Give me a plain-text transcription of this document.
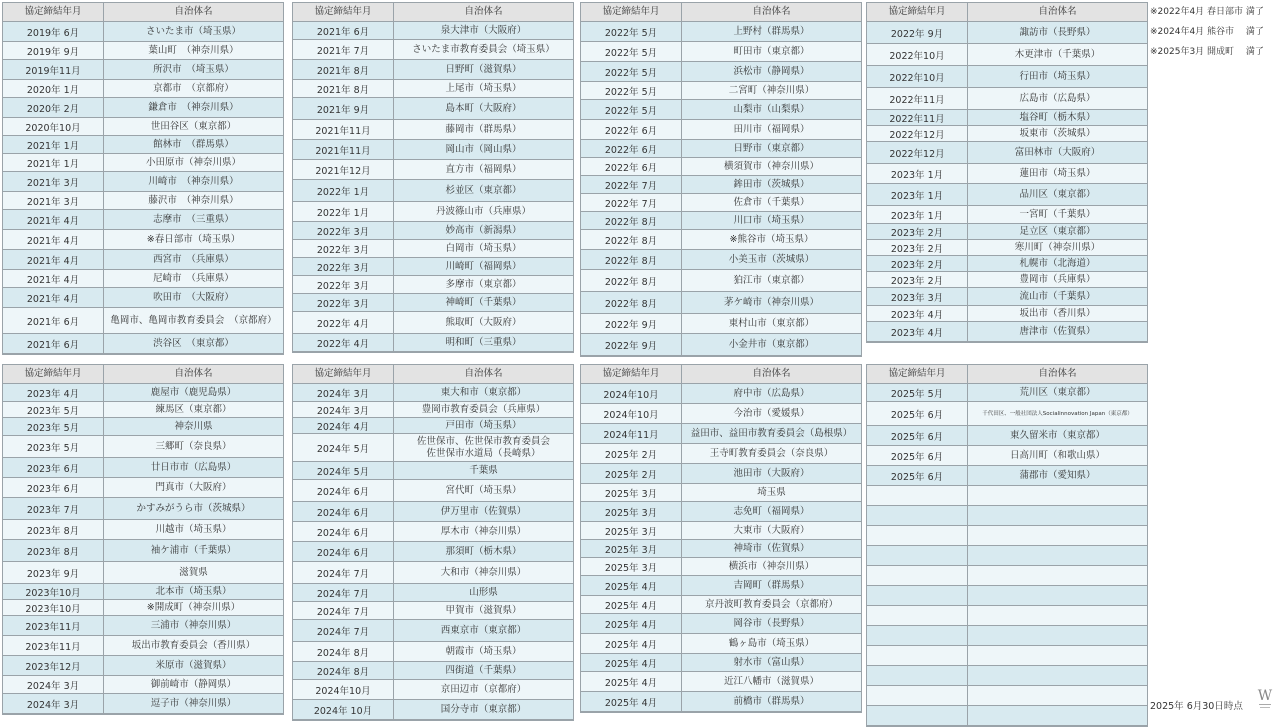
協定締結年月	自治体名
2019年 6月	さいたま市（埼玉県）
2019年 9月	葉山町　（神奈川県）
2019年11月	所沢市　（埼玉県）
2020年 1月	京都市　（京都府）
2020年 2月	鎌倉市　（神奈川県）
2020年10月	世田谷区（東京都）
2021年 1月	館林市　（群馬県）
2021年 1月	小田原市（神奈川県）
2021年 3月	川崎市　（神奈川県）
2021年 3月	藤沢市　（神奈川県）
2021年 4月	志摩市　（三重県）
2021年 4月	※春日部市（埼玉県）
2021年 4月	西宮市　（兵庫県）
2021年 4月	尼崎市　（兵庫県）
2021年 4月	吹田市　（大阪府）
2021年 6月	亀岡市、亀岡市教育委員会　（京都府）
2021年 6月	渋谷区　（東京都）
協定締結年月	自治体名
2021年 6月	泉大津市（大阪府）
2021年 7月	さいたま市教育委員会（埼玉県）
2021年 8月	日野町（滋賀県）
2021年 8月	上尾市（埼玉県）
2021年 9月	島本町（大阪府）
2021年11月	藤岡市（群馬県）
2021年11月	岡山市（岡山県）
2021年12月	直方市（福岡県）
2022年 1月	杉並区（東京都）
2022年 1月	丹波篠山市（兵庫県）
2022年 3月	妙高市（新潟県）
2022年 3月	白岡市（埼玉県）
2022年 3月	川崎町（福岡県）
2022年 3月	多摩市（東京都）
2022年 3月	神崎町（千葉県）
2022年 4月	熊取町（大阪府）
2022年 4月	明和町（三重県）
協定締結年月	自治体名
2022年 5月	上野村（群馬県）
2022年 5月	町田市（東京都）
2022年 5月	浜松市（静岡県）
2022年 5月	二宮町（神奈川県）
2022年 5月	山梨市（山梨県）
2022年 6月	田川市（福岡県）
2022年 6月	日野市（東京都）
2022年 6月	横須賀市（神奈川県）
2022年 7月	鉾田市（茨城県）
2022年 7月	佐倉市（千葉県）
2022年 8月	川口市（埼玉県）
2022年 8月	※熊谷市（埼玉県）
2022年 8月	小美玉市（茨城県）
2022年 8月	狛江市（東京都）
2022年 8月	茅ケ崎市（神奈川県）
2022年 9月	東村山市（東京都）
2022年 9月	小金井市（東京都）
協定締結年月	自治体名
2022年 9月	諏訪市（長野県）
2022年10月	木更津市（千葉県）
2022年10月	行田市（埼玉県）
2022年11月	広島市（広島県）
2022年11月	塩谷町（栃木県）
2022年12月	坂東市（茨城県）
2022年12月	富田林市（大阪府）
2023年 1月	蓮田市（埼玉県）
2023年 1月	品川区（東京都）
2023年 1月	一宮町（千葉県）
2023年 2月	足立区（東京都）
2023年 2月	寒川町（神奈川県）
2023年 2月	札幌市（北海道）
2023年 2月	豊岡市（兵庫県）
2023年 3月	流山市（千葉県）
2023年 4月	坂出市（香川県）
2023年 4月	唐津市（佐賀県）
協定締結年月	自治体名
2023年 4月	鹿屋市（鹿児島県）
2023年 5月	練馬区（東京都）
2023年 5月	神奈川県
2023年 5月	三郷町（奈良県）
2023年 6月	廿日市市（広島県）
2023年 6月	門真市（大阪府）
2023年 7月	かすみがうら市（茨城県）
2023年 8月	川越市（埼玉県）
2023年 8月	袖ケ浦市（千葉県）
2023年 9月	滋賀県
2023年10月	北本市（埼玉県）
2023年10月	※開成町（神奈川県）
2023年11月	三浦市（神奈川県）
2023年11月	坂出市教育委員会（香川県）
2023年12月	米原市（滋賀県）
2024年 3月	御前崎市（静岡県）
2024年 3月	逗子市（神奈川県）
協定締結年月	自治体名
2024年 3月	東大和市（東京都）
2024年 3月	豊岡市教育委員会（兵庫県）
2024年 4月	戸田市（埼玉県）
2024年 5月
佐世保市、佐世保市教育委員会
佐世保市水道局（長崎県）
2024年 5月	千葉県
2024年 6月	宮代町（埼玉県）
2024年 6月	伊万里市（佐賀県）
2024年 6月	厚木市（神奈川県）
2024年 6月	那須町（栃木県）
2024年 7月	大和市（神奈川県）
2024年 7月	山形県
2024年 7月	甲賀市（滋賀県）
2024年 7月	西東京市（東京都）
2024年 8月	朝霞市（埼玉県）
2024年 8月	四街道（千葉県）
2024年10月	京田辺市（京都府）
2024年 10月	国分寺市（東京都）
協定締結年月	自治体名
2024年10月	府中市（広島県）
2024年10月	今治市（愛媛県）
2024年11月	益田市、益田市教育委員会（島根県）
2025年 2月	王寺町教育委員会（奈良県）
2025年 2月	池田市（大阪府）
2025年 3月	埼玉県
2025年 3月	志免町（福岡県）
2025年 3月	大東市（大阪府）
2025年 3月	神埼市（佐賀県）
2025年 3月	横浜市（神奈川県）
2025年 4月	吉岡町（群馬県）
2025年 4月	京丹波町教育委員会（京都府）
2025年 4月	岡谷市（長野県）
2025年 4月	鶴ヶ島市（埼玉県）
2025年 4月	射水市（富山県）
2025年 4月	近江八幡市（滋賀県）
2025年 4月	前橋市（群馬県）
協定締結年月	自治体名
2025年 5月	荒川区（東京都）
2025年 6月	千代田区、一般社団法人Socialinnovation Japan（東京都）
2025年 6月	東久留米市（東京都）
2025年 6月	日高川町（和歌山県）
2025年 6月	蒲郡市（愛知県）
※2022年4月 春日部市 満了
※2024年4月 熊谷市　 満了
※2025年3月 開成町　 満了
2025年 6月30日時点
W
